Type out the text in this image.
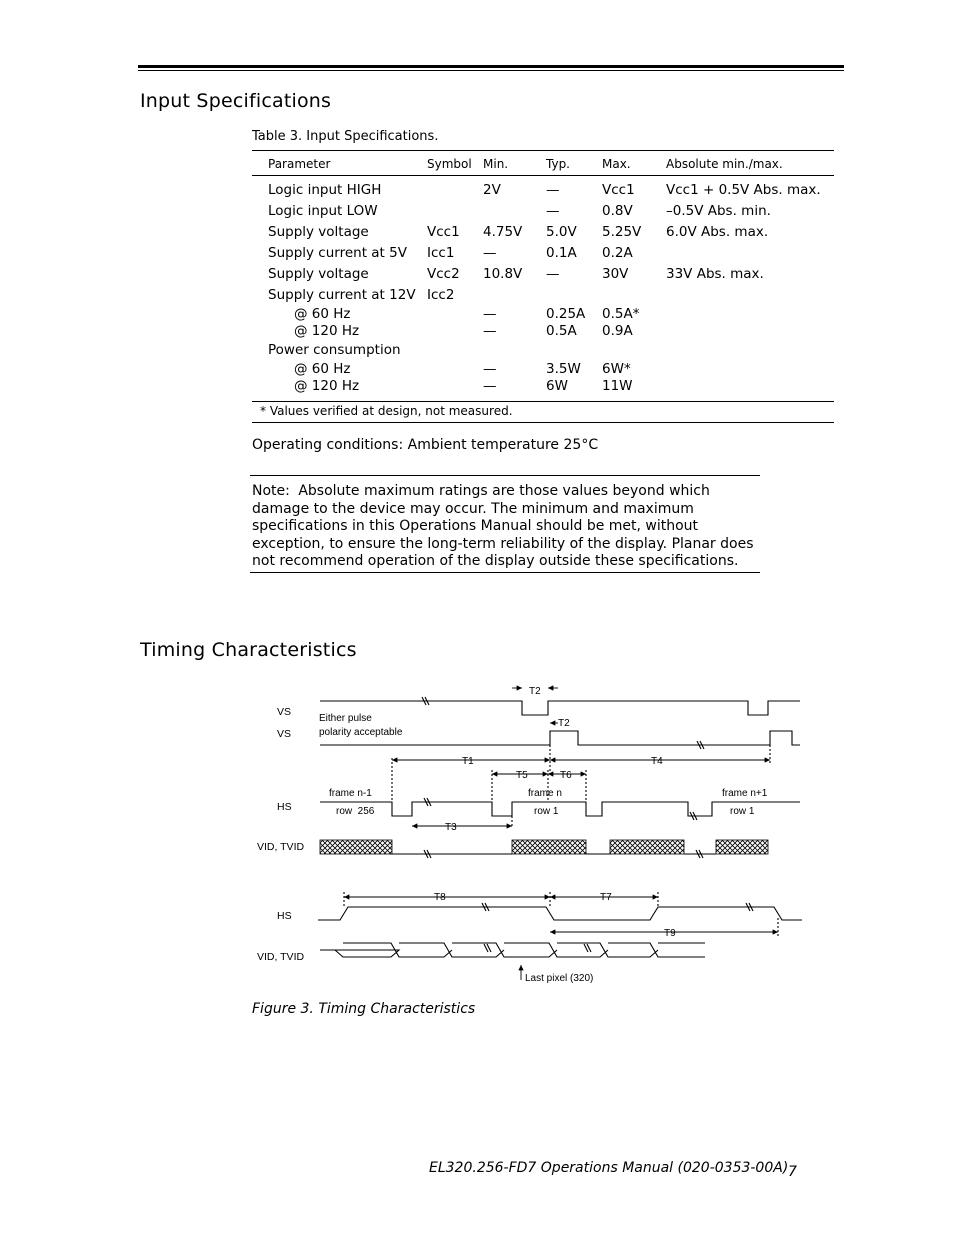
Input Specifications
Table 3. Input Specifications.
Parameter	Symbol	Min.	Typ.	Max.	Absolute min./max.
Logic input HIGH		2V	—	Vcc1	Vcc1 + 0.5V Abs. max.
Logic input LOW			—	0.8V	–0.5V Abs. min.
Supply voltage	Vcc1	4.75V	5.0V	5.25V	6.0V Abs. max.
Supply current at 5V	Icc1	—	0.1A	0.2A	
Supply voltage	Vcc2	10.8V	—	30V	33V Abs. max.
Supply current at 12V	Icc2				
@ 60 Hz		—	0.25A	0.5A*	
@ 120 Hz		—	0.5A	0.9A	
Power consumption					
@ 60 Hz		—	3.5W	6W*	
@ 120 Hz		—	6W	11W	
* Values verified at design, not measured.					
Operating conditions: Ambient temperature 25°C
Note: Absolute maximum ratings are those values beyond which damage to the device may occur. The minimum and maximum specifications in this Operations Manual should be met, without exception, to ensure the long-term reliability of the display. Planar does not recommend operation of the display outside these specifications.
Timing Characteristics
VS
VS
HS
VID, TVID
HS
VID, TVID
Either pulse
polarity acceptable
frame n-1
row  256
frame n
row 1
frame n+1
row 1
T2
T2
T1	T4
T5	T6
T3
T8	T7
T9
Last pixel (320)
Figure 3. Timing Characteristics
EL320.256-FD7 Operations Manual (020-0353-00A) 7
